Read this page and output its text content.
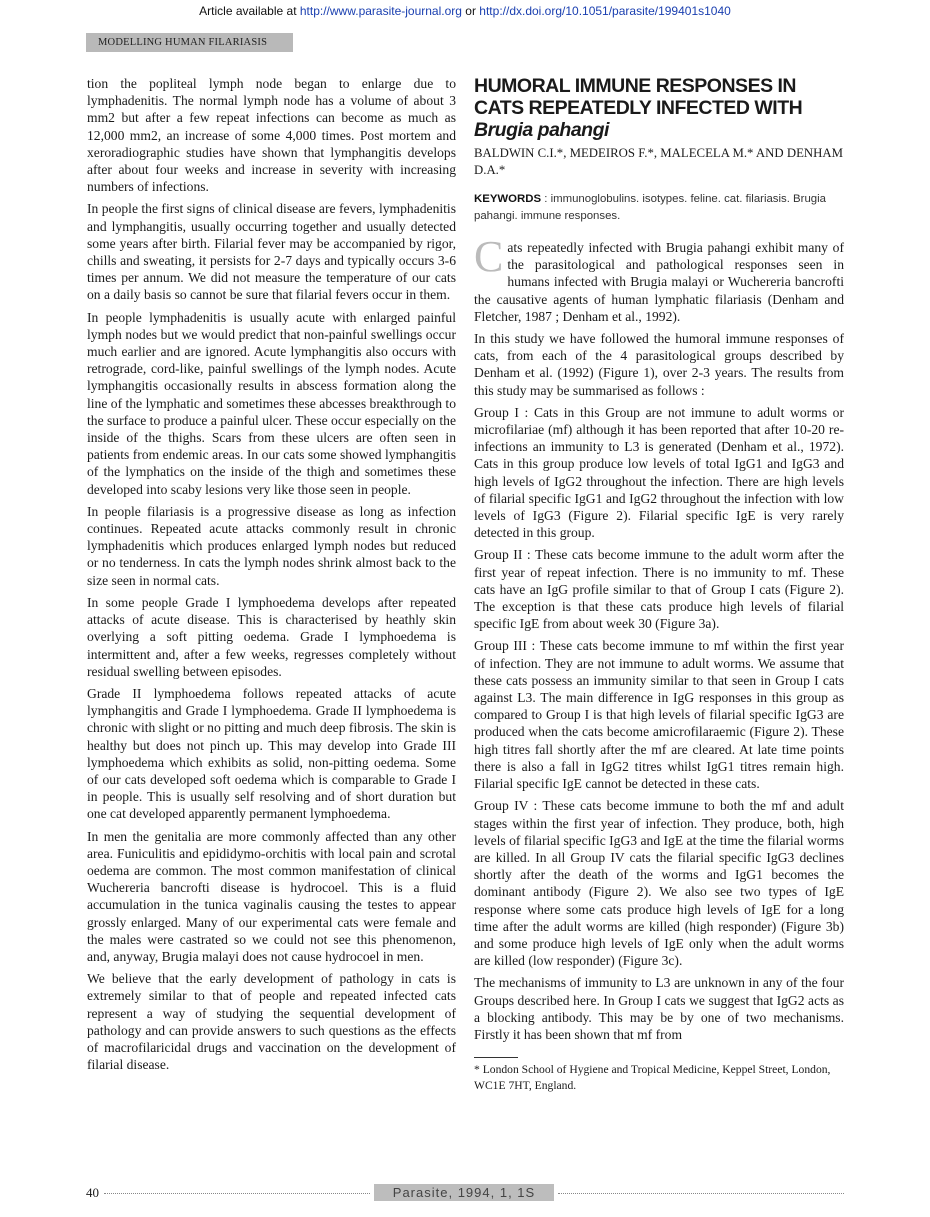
Article available at http://www.parasite-journal.org or http://dx.doi.org/10.1051/parasite/199401s1040
MODELLING HUMAN FILARIASIS

tion the popliteal lymph node began to enlarge due to lymphadenitis. The normal lymph node has a volume of about 3 mm2 but after a few repeat infections can become as much as 12,000 mm2, an increase of some 4,000 times. Post mortem and xeroradiographic studies have shown that lymphangitis develops after about four weeks and increase in severity with increasing numbers of infections.

In people the first signs of clinical disease are fevers, lymphadenitis and lymphangitis, usually occurring together and usually detected some years after birth. Filarial fever may be accompanied by rigor, chills and sweating, it persists for 2-7 days and typically occurs 3-6 times per annum. We did not measure the temperature of our cats on a daily basis so cannot be sure that filarial fevers occur in them.

In people lymphadenitis is usually acute with enlarged painful lymph nodes but we would predict that non-painful swellings occur much earlier and are ignored. Acute lymphangitis also occurs with retrograde, cord-like, painful swellings of the lymph nodes. Acute lymphangitis occasionally results in abscess formation along the line of the lymphatic and sometimes these abcesses breakthrough to the surface to produce a painful ulcer. These occur especially on the inside of the thighs. Scars from these ulcers are often seen in patients from endemic areas. In our cats some showed lymphangitis of the lymphatics on the inside of the thigh and sometimes these developed into scaby lesions very like those seen in people.

In people filariasis is a progressive disease as long as infection continues. Repeated acute attacks commonly result in chronic lymphadenitis which produces enlarged lymph nodes but reduced or no tenderness. In cats the lymph nodes shrink almost back to the size seen in normal cats.

In some people Grade I lymphoedema develops after repeated attacks of acute disease. This is characterised by heathly skin overlying a soft pitting oedema. Grade I lymphoedema is intermittent and, after a few weeks, regresses completely without residual swelling between episodes.

Grade II lymphoedema follows repeated attacks of acute lymphangitis and Grade I lymphoedema. Grade II lymphoedema is chronic with slight or no pitting and much deep fibrosis. The skin is healthy but does not pinch up. This may develop into Grade III lymphoedema which exhibits as solid, non-pitting oedema. Some of our cats developed soft oedema which is comparable to Grade I in people. This is usually self resolving and of short duration but one cat developed apparently permanent lymphoedema.

In men the genitalia are more commonly affected than any other area. Funiculitis and epididymo-orchitis with local pain and scrotal oedema are common. The most common manifestation of clinical Wuchereria bancrofti disease is hydrocoel. This is a fluid accumulation in the tunica vaginalis causing the testes to appear grossly enlarged. Many of our experimental cats were female and the males were castrated so we could not see this phenomenon, and, anyway, Brugia malayi does not cause hydrocoel in men.

We believe that the early development of pathology in cats is extremely similar to that of people and repeated infected cats represent a way of studying the sequential development of pathology and can provide answers to such questions as the effects of macrofilaricidal drugs and vaccination on the development of filarial disease.

HUMORAL IMMUNE RESPONSES IN CATS REPEATEDLY INFECTED WITH Brugia pahangi
BALDWIN C.I.*, MEDEIROS F.*, MALECELA M.* AND DENHAM D.A.*
KEYWORDS : immunoglobulins. isotypes. feline. cat. filariasis. Brugia pahangi. immune responses.

Cats repeatedly infected with Brugia pahangi exhibit many of the parasitological and pathological responses seen in humans infected with Brugia malayi or Wuchereria bancrofti the causative agents of human lymphatic filariasis (Denham and Fletcher, 1987 ; Denham et al., 1992).

In this study we have followed the humoral immune responses of cats, from each of the 4 parasitological groups described by Denham et al. (1992) (Figure 1), over 2-3 years. The results from this study may be summarised as follows :

Group I : Cats in this Group are not immune to adult worms or microfilariae (mf) although it has been reported that after 10-20 re-infections an immunity to L3 is generated (Denham et al., 1972). Cats in this group produce low levels of total IgG1 and IgG3 and high levels of IgG2 throughout the infection. There are high levels of filarial specific IgG1 and IgG2 throughout the infection with low levels of IgG3 (Figure 2). Filarial specific IgE is very rarely detected in this group.

Group II : These cats become immune to the adult worm after the first year of repeat infection. There is no immunity to mf. These cats have an IgG profile similar to that of Group I cats (Figure 2). The exception is that these cats produce high levels of filarial specific IgE from about week 30 (Figure 3a).

Group III : These cats become immune to mf within the first year of infection. They are not immune to adult worms. We assume that these cats possess an immunity similar to that seen in Group I cats against L3. The main difference in IgG responses in this group as compared to Group I is that high levels of filarial specific IgG3 are produced when the cats become amicrofilaraemic (Figure 2). These high titres fall shortly after the mf are cleared. At late time points there is also a fall in IgG2 titres whilst IgG1 titres remain high. Filarial specific IgE cannot be detected in these cats.

Group IV : These cats become immune to both the mf and adult stages within the first year of infection. They produce, both, high levels of filarial specific IgG3 and IgE at the time the filarial worms are killed. In all Group IV cats the filarial specific IgG3 declines shortly after the death of the worms and IgG1 becomes the dominant antibody (Figure 2). We also see two types of IgE response where some cats produce high levels of IgE for a long time after the adult worms are killed (high responder) (Figure 3b) and some produce high levels of IgE only when the adult worms are killed (low responder) (Figure 3c).

The mechanisms of immunity to L3 are unknown in any of the four Groups described here. In Group I cats we suggest that IgG2 acts as a blocking antibody. This may be by one of two mechanisms. Firstly it has been shown that mf from

* London School of Hygiene and Tropical Medicine, Keppel Street, London, WC1E 7HT, England.
40	Parasite, 1994, 1, 1S
